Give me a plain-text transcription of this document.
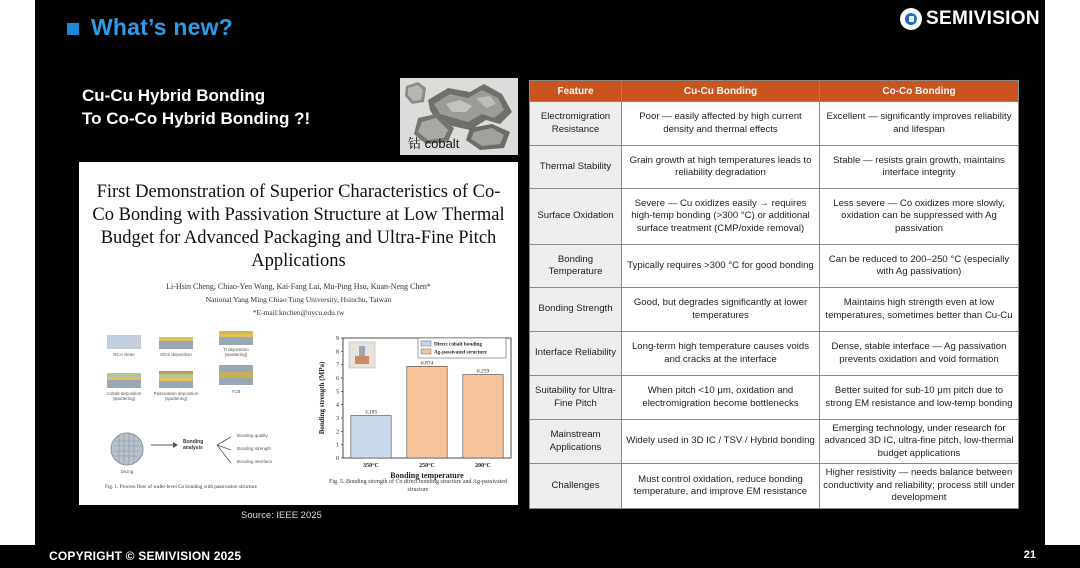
What’s new?	SEMIVISION
Cu-Cu Hybrid Bonding
To Co-Co Hybrid Bonding ?!
钴 cobalt
First Demonstration of Superior Characteristics of Co-Co Bonding with Passivation Structure at Low Thermal Budget for Advanced Packaging and Ultra-Fine Pitch Applications
Li-Hsin Cheng, Chiao-Yen Wang, Kai-Fang Lai, Mu-Ping Hsu, Kuan-Neng Chen*
National Yang Ming Chiao Tung University, Hsinchu, Taiwan
*E-mail:knchen@nycu.edu.tw
RCA clean	SiO2 deposition
Ti deposition (sputtering)
Cobalt deposition (sputtering)
Passivation deposition (sputtering)
TCB
Dicing
Bonding analysis
Bonding quality
Bonding strength
Bonding interface
Fig. 1. Process flow of wafer-level Co bonding with passivation structure
0
1
2
3
4
5
6
7
8
9
Bonding strength (MPa)	3.185
350°C
6.874
250°C
6.259
200°C
Bonding temperature
Direct cobalt bonding
Ag-passivated structure
Fig. 5. Bonding strength of Co direct bonding structure and Ag-passivated structure
Source: IEEE 2025
Feature	Cu-Cu Bonding	Co-Co Bonding
Electromigration Resistance	Poor — easily affected by high current density and thermal effects	Excellent — significantly improves reliability and lifespan
Thermal Stability	Grain growth at high temperatures leads to reliability degradation	Stable — resists grain growth, maintains interface integrity
Surface Oxidation	Severe — Cu oxidizes easily → requires high-temp bonding (>300 °C) or additional surface treatment (CMP/oxide removal)	Less severe — Co oxidizes more slowly, oxidation can be suppressed with Ag passivation
Bonding Temperature	Typically requires >300 °C for good bonding	Can be reduced to 200–250 °C (especially with Ag passivation)
Bonding Strength	Good, but degrades significantly at lower temperatures	Maintains high strength even at low temperatures, sometimes better than Cu-Cu
Interface Reliability	Long-term high temperature causes voids and cracks at the interface	Dense, stable interface — Ag passivation prevents oxidation and void formation
Suitability for Ultra-Fine Pitch	When pitch <10 μm, oxidation and electromigration become bottlenecks	Better suited for sub-10 μm pitch due to strong EM resistance and low-temp bonding
Mainstream Applications	Widely used in 3D IC / TSV / Hybrid bonding	Emerging technology, under research for advanced 3D IC, ultra-fine pitch, low-thermal budget applications
Challenges	Must control oxidation, reduce bonding temperature, and improve EM resistance	Higher resistivity — needs balance between conductivity and reliability; process still under development
COPYRIGHT © SEMIVISION 2025	21
